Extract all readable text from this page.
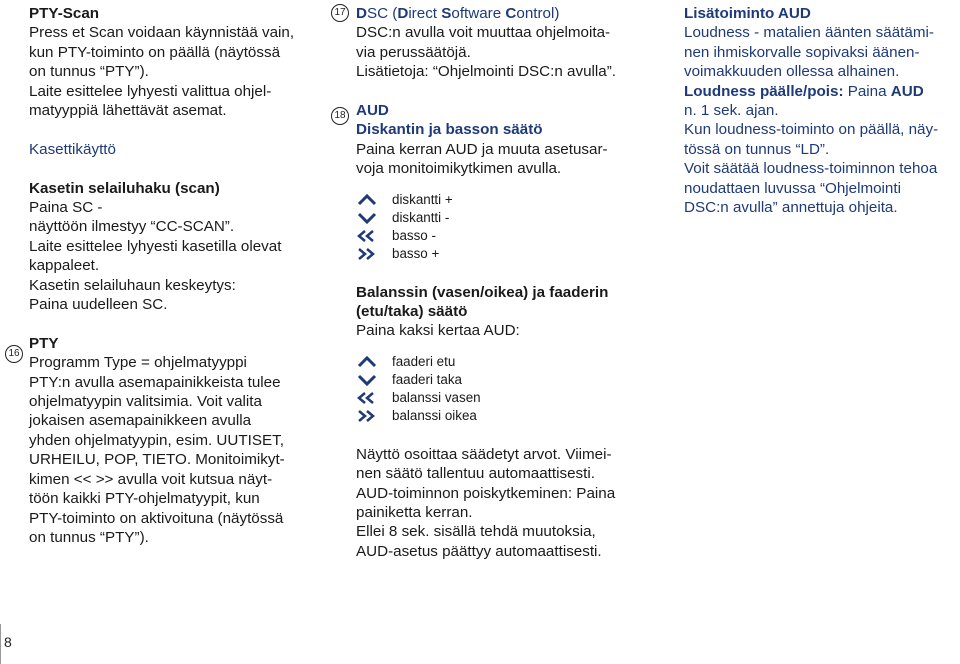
PTY-Scan

Press et Scan voidaan käynnistää vain,

kun PTY-toiminto on päällä (näytössä

on tunnus “PTY”).

Laite esittelee lyhyesti valittua ohjel-

matyyppiä lähettävät asemat.

Kasettikäyttö

Kasetin selailuhaku (scan)

Paina SC -

näyttöön ilmestyy “CC-SCAN”.

Laite esittelee lyhyesti kasetilla olevat

kappaleet.

Kasetin selailuhaun keskeytys:

Paina uudelleen SC.

PTY

Programm Type = ohjelmatyyppi

PTY:n avulla asemapainikkeista tulee

ohjelmatyypin valitsimia. Voit valita

jokaisen asemapainikkeen avulla

yhden ohjelmatyypin, esim. UUTISET,

URHEILU, POP, TIETO. Monitoimikyt-

kimen << >> avulla voit kutsua näyt-

töön kaikki PTY-ohjelmatyypit, kun

PTY-toiminto on aktivoituna (näytössä

on tunnus “PTY”).

16

DSC (Direct Software Control)

DSC:n avulla voit muuttaa ohjelmoita-

via perussäätöjä.

Lisätietoja: “Ohjelmointi DSC:n avulla”.

AUD

Diskantin ja basson säätö

Paina kerran AUD ja muuta asetusar-

voja monitoimikytkimen avulla.

diskantti +
diskantti -
basso -
basso +

Balanssin (vasen/oikea) ja faaderin

(etu/taka) säätö

Paina kaksi kertaa AUD:

faaderi etu
faaderi taka
balanssi vasen
balanssi oikea

Näyttö osoittaa säädetyt arvot. Viimei-

nen säätö tallentuu automaattisesti.

AUD-toiminnon poiskytkeminen: Paina

painiketta kerran.

Ellei 8 sek. sisällä tehdä muutoksia,

AUD-asetus päättyy automaattisesti.

17
18

Lisätoiminto AUD

Loudness - matalien äänten säätämi-

nen ihmiskorvalle sopivaksi äänen-

voimakkuuden ollessa alhainen.

Loudness päälle/pois: Paina AUD

n. 1 sek. ajan.

Kun loudness-toiminto on päällä, näy-

tössä on tunnus “LD”.

Voit säätää loudness-toiminnon tehoa

noudattaen luvussa “Ohjelmointi

DSC:n avulla” annettuja ohjeita.

8
